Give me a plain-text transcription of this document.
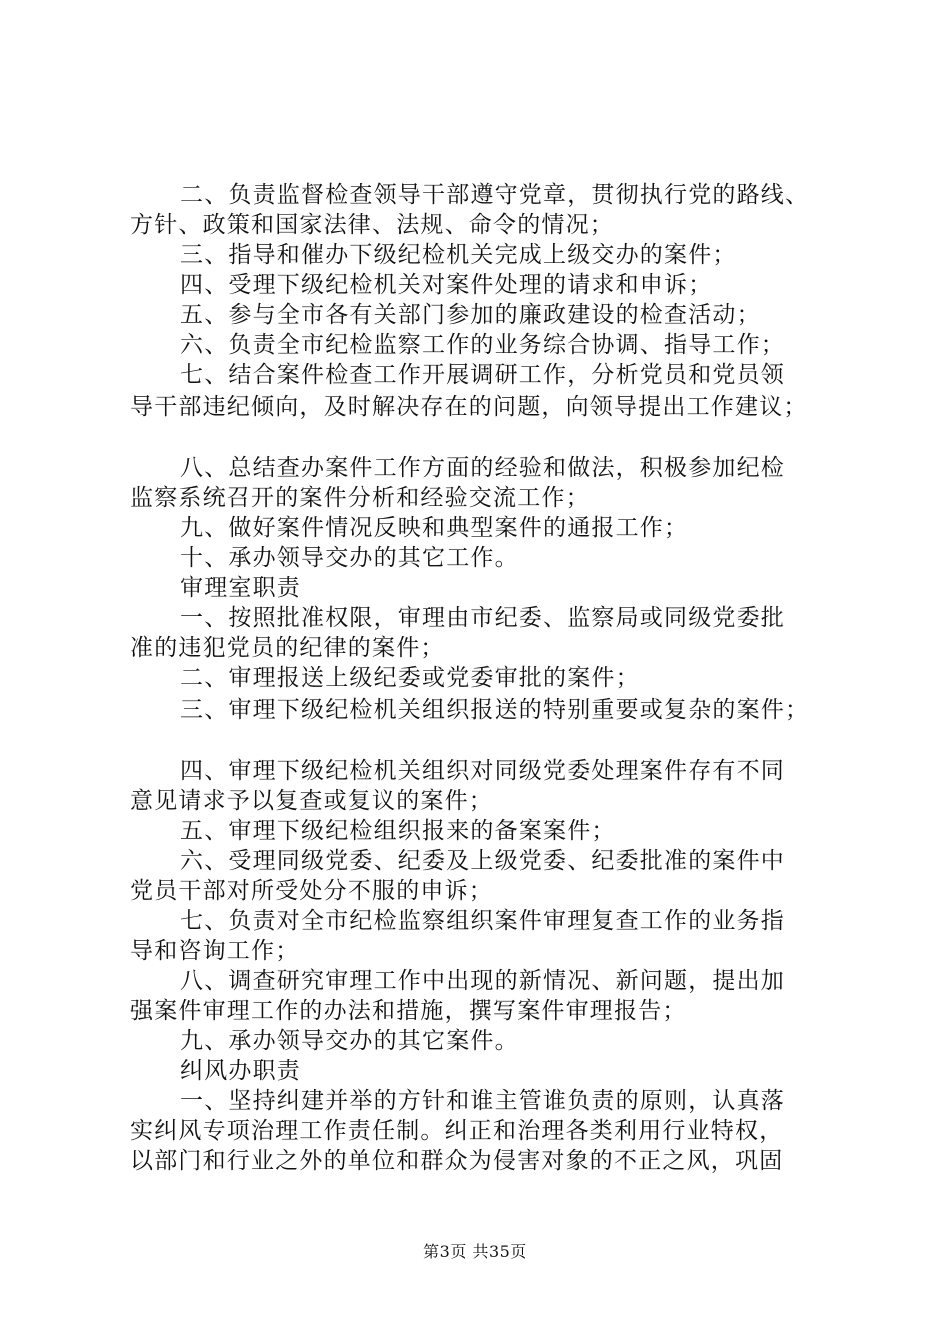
二、负责监督检查领导干部遵守党章，贯彻执行党的路线、
方针、政策和国家法律、法规、命令的情况；
三、指导和催办下级纪检机关完成上级交办的案件；
四、受理下级纪检机关对案件处理的请求和申诉；
五、参与全市各有关部门参加的廉政建设的检查活动；
六、负责全市纪检监察工作的业务综合协调、指导工作；
七、结合案件检查工作开展调研工作，分析党员和党员领
导干部违纪倾向，及时解决存在的问题，向领导提出工作建议；
八、总结查办案件工作方面的经验和做法，积极参加纪检
监察系统召开的案件分析和经验交流工作；
九、做好案件情况反映和典型案件的通报工作；
十、承办领导交办的其它工作。
审理室职责
一、按照批准权限，审理由市纪委、监察局或同级党委批
准的违犯党员的纪律的案件；
二、审理报送上级纪委或党委审批的案件；
三、审理下级纪检机关组织报送的特别重要或复杂的案件；
四、审理下级纪检机关组织对同级党委处理案件存有不同
意见请求予以复查或复议的案件；
五、审理下级纪检组织报来的备案案件；
六、受理同级党委、纪委及上级党委、纪委批准的案件中
党员干部对所受处分不服的申诉；
七、负责对全市纪检监察组织案件审理复查工作的业务指
导和咨询工作；
八、调查研究审理工作中出现的新情况、新问题，提出加
强案件审理工作的办法和措施，撰写案件审理报告；
九、承办领导交办的其它案件。
纠风办职责
一、坚持纠建并举的方针和谁主管谁负责的原则，认真落
实纠风专项治理工作责任制。纠正和治理各类利用行业特权，
以部门和行业之外的单位和群众为侵害对象的不正之风，巩固
第3页 共35页
